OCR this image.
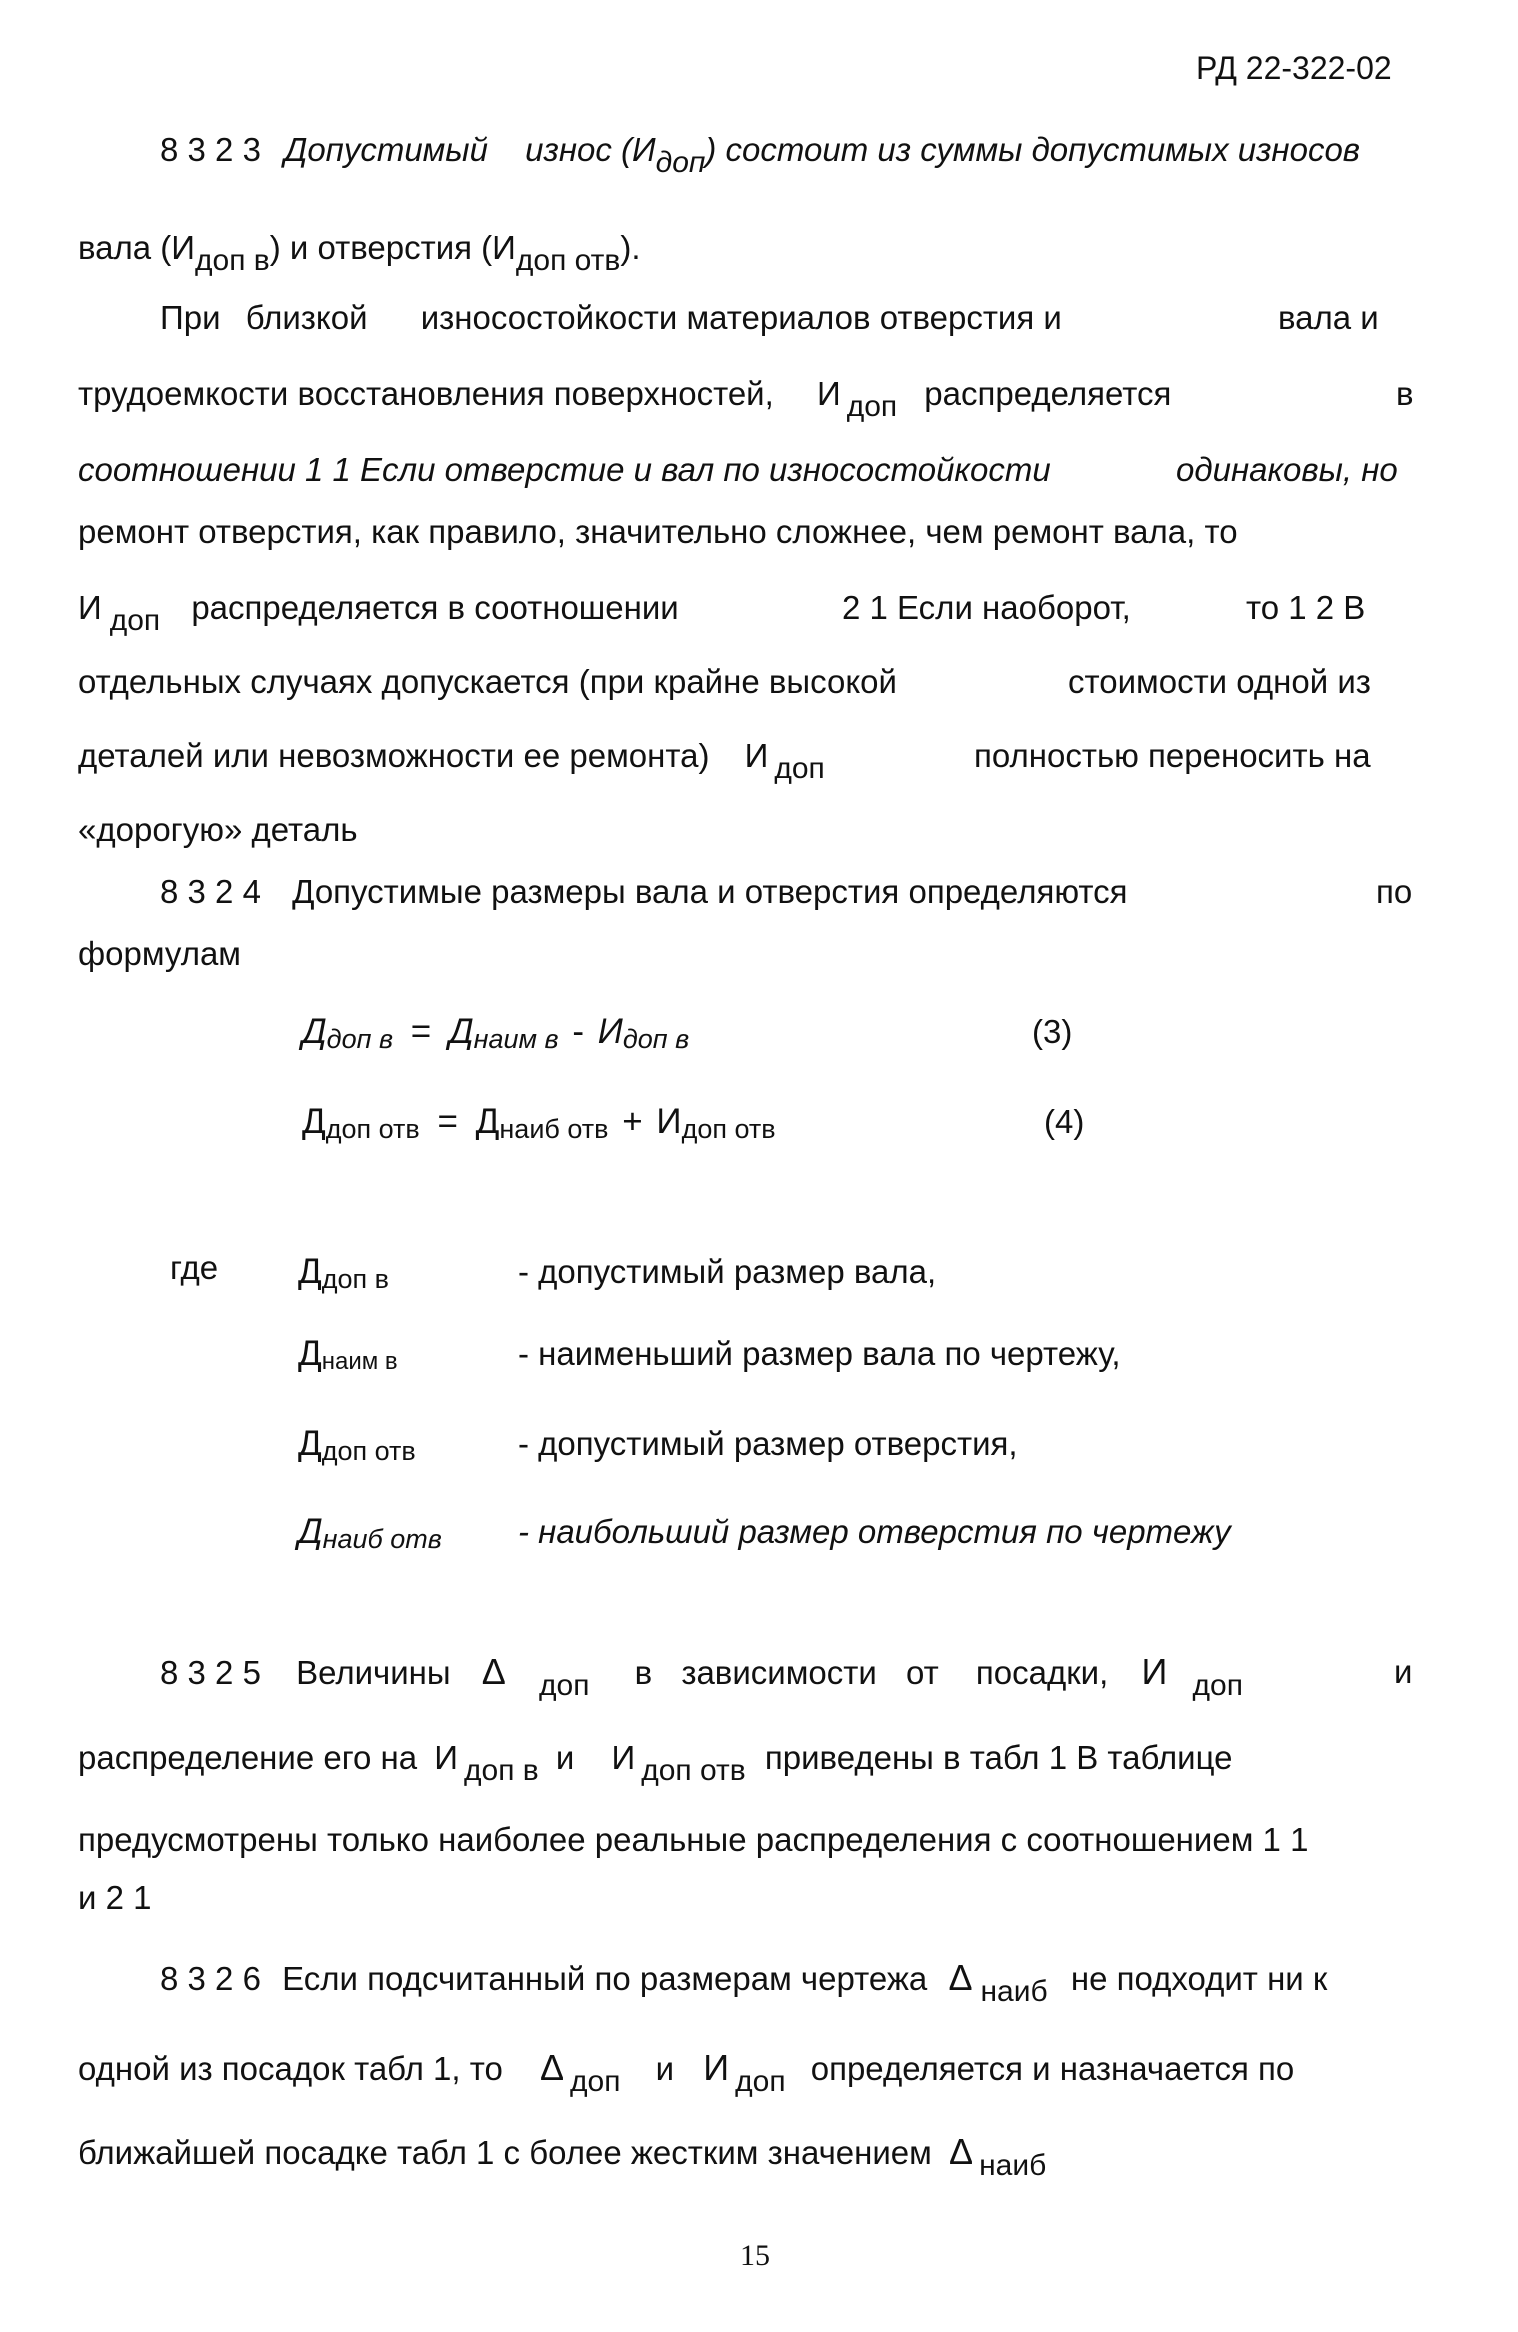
РД 22-322-02
8 3 2 3 Допустимый износ (Идоп) состоит из суммы допустимых износов
вала (Идоп в) и отверстия (Идоп отв).
При близкой износостойкости материалов отверстия и	вала и
трудоемкости восстановления поверхностей, И доп распределяется	в
соотношении 1 1 Если отверстие и вал по износостойкости	одинаковы, но
ремонт отверстия, как правило, значительно сложнее, чем ремонт вала, то
И доп распределяется в соотношении	2 1 Если наоборот,	то 1 2 В
отдельных случаях допускается (при крайне высокой	стоимости одной из
деталей или невозможности ее ремонта) И доп	полностью переносить на
«дорогую» деталь
8 3 2 4 Допустимые размеры вала и отверстия определяются	по
формулам
Ддоп в = Днаим в - Идоп в	(3)
Ддоп отв = Днаиб отв + Идоп отв	(4)
где Ддоп в	- допустимый размер вала,
Днаим в	- наименьший размер вала по чертежу,
Ддоп отв	- допустимый размер отверстия,
Днаиб отв - наибольший размер отверстия по чертежу
8 3 2 5 Величины Δ доп в зависимости от посадки, И доп	и
распределение его на И доп в и И доп отв приведены в табл 1 В таблице
предусмотрены только наиболее реальные распределения с соотношением 1 1
и 2 1
8 3 2 6 Если подсчитанный по размерам чертежа Δ наиб не подходит ни к
одной из посадок табл 1, то Δ доп и И доп определяется и назначается по
ближайшей посадке табл 1 с более жестким значением Δ наиб
15
